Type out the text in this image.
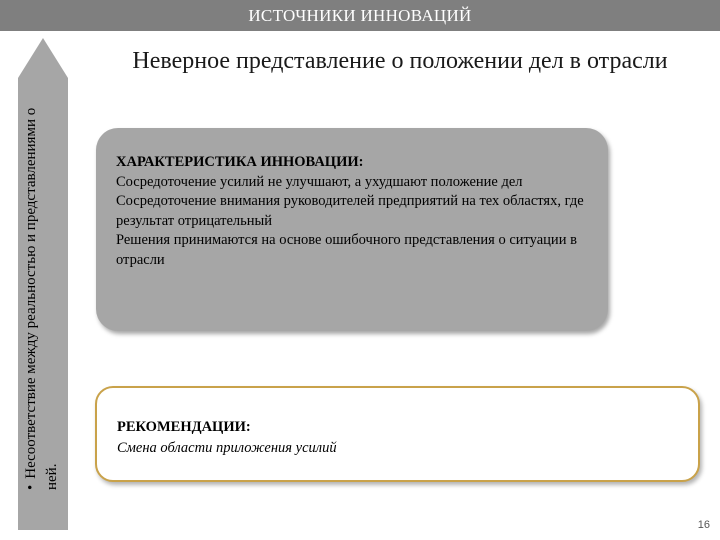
ИСТОЧНИКИ ИННОВАЦИЙ
•Несоответствие между реальностью и представлениями о ней.
Неверное представление о положении дел в отрасли
ХАРАКТЕРИСТИКА ИННОВАЦИИ:
Сосредоточение усилий не улучшают, а ухудшают положение дел
Сосредоточение внимания руководителей предприятий на тех областях, где результат отрицательный
Решения принимаются на основе ошибочного представления о ситуации в отрасли
РЕКОМЕНДАЦИИ:
Смена области приложения усилий
16
